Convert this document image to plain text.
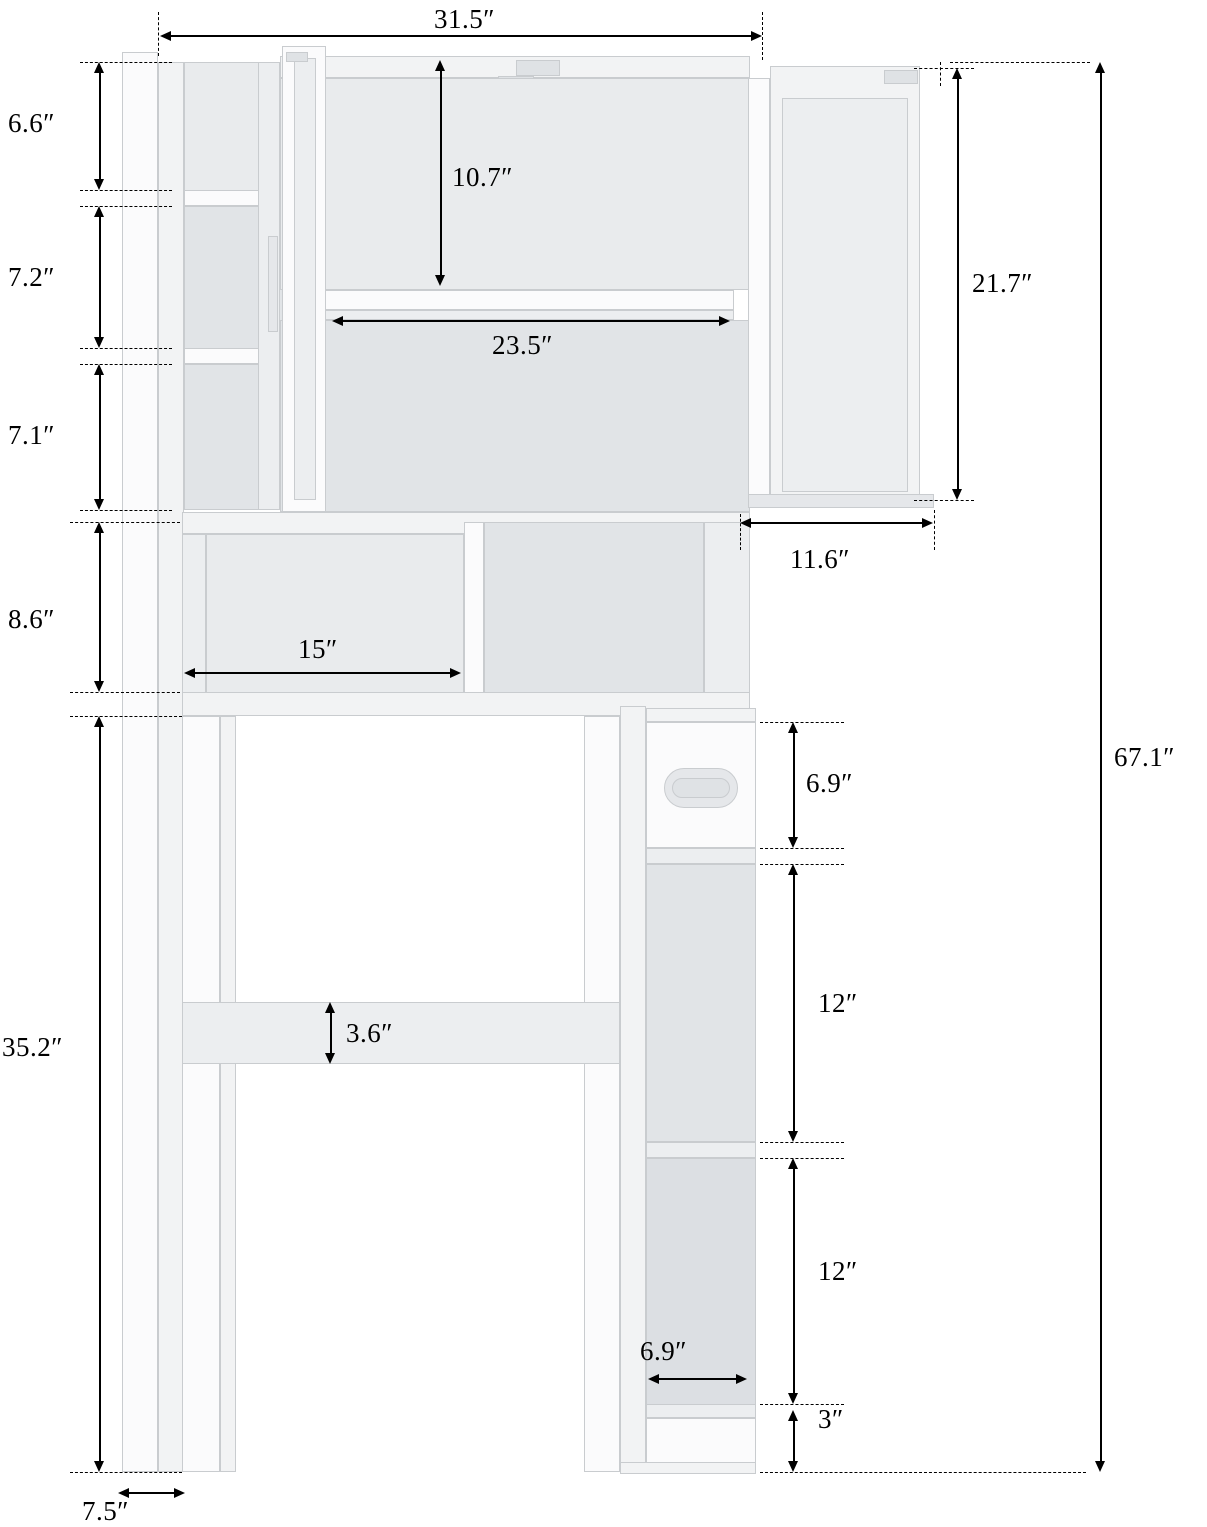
31.5″
6.6″
7.2″
7.1″
8.6″
35.2″
7.5″
10.7″
23.5″
21.7″
11.6″
15″
3.6″
6.9″
12″
12″
3″
6.9″
67.1″
